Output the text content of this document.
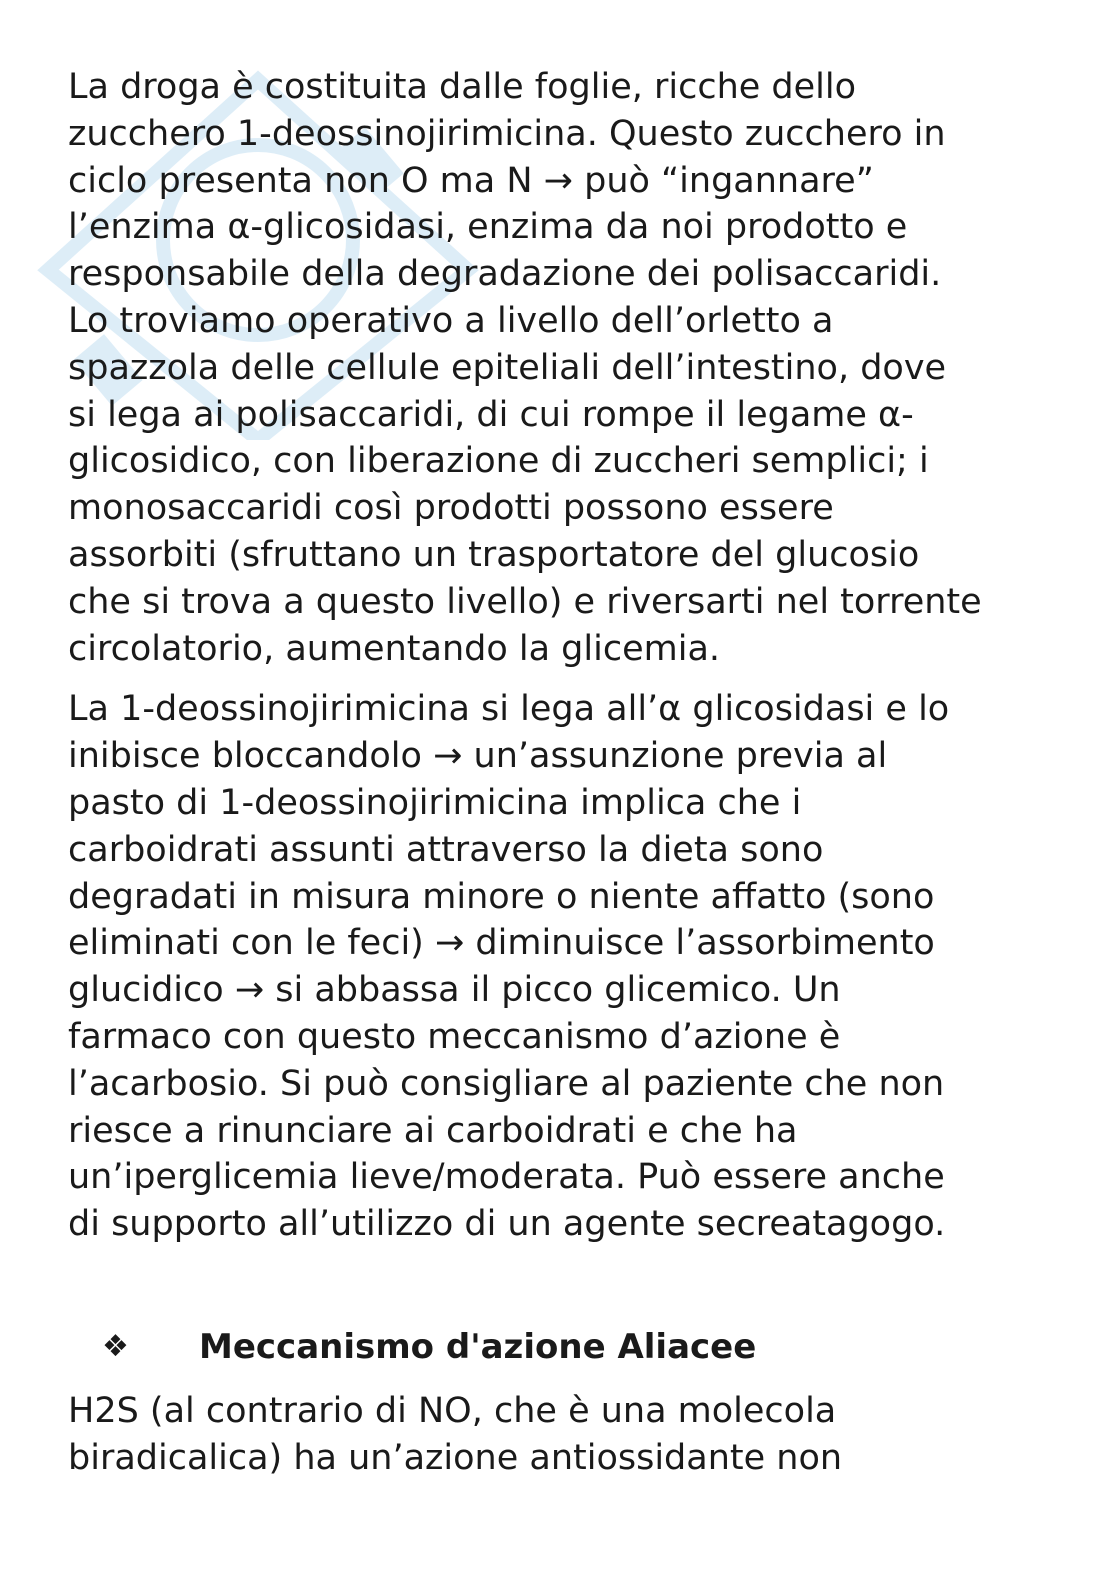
La droga è costituita dalle foglie, ricche dello
zucchero 1-deossinojirimicina. Questo zucchero in
ciclo presenta non O ma N → può “ingannare”
l’enzima α-glicosidasi, enzima da noi prodotto e
responsabile della degradazione dei polisaccaridi.
Lo troviamo operativo a livello dell’orletto a
spazzola delle cellule epiteliali dell’intestino, dove
si lega ai polisaccaridi, di cui rompe il legame α-
glicosidico, con liberazione di zuccheri semplici; i
monosaccaridi così prodotti possono essere
assorbiti (sfruttano un trasportatore del glucosio
che si trova a questo livello) e riversarti nel torrente
circolatorio, aumentando la glicemia.

La 1-deossinojirimicina si lega all’α glicosidasi e lo
inibisce bloccandolo → un’assunzione previa al
pasto di 1-deossinojirimicina implica che i
carboidrati assunti attraverso la dieta sono
degradati in misura minore o niente affatto (sono
eliminati con le feci) → diminuisce l’assorbimento
glucidico → si abbassa il picco glicemico. Un
farmaco con questo meccanismo d’azione è
l’acarbosio. Si può consigliare al paziente che non
riesce a rinunciare ai carboidrati e che ha
un’iperglicemia lieve/moderata. Può essere anche
di supporto all’utilizzo di un agente secreatagogo.

❖ Meccanismo d'azione Aliacee

H2S (al contrario di NO, che è una molecola
biradicalica) ha un’azione antiossidante non
